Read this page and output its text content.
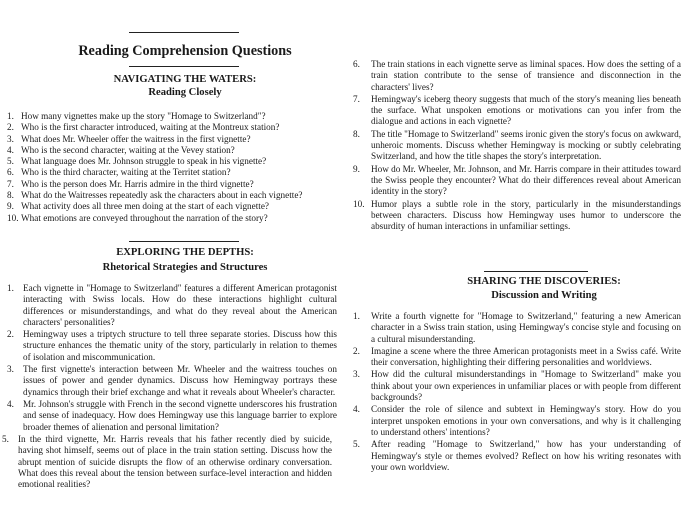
Reading Comprehension Questions
NAVIGATING THE WATERS:
Reading Closely
1. How many vignettes make up the story "Homage to Switzerland"?
2. Who is the first character introduced, waiting at the Montreux station?
3. What does Mr. Wheeler offer the waitress in the first vignette?
4. Who is the second character, waiting at the Vevey station?
5. What language does Mr. Johnson struggle to speak in his vignette?
6. Who is the third character, waiting at the Territet station?
7. Who is the person does Mr. Harris admire in the third vignette?
8. What do the Waitresses repeatedly ask the characters about in each vignette?
9. What activity does all three men doing at the start of each vignette?
10. What emotions are conveyed throughout the narration of the story?
EXPLORING THE DEPTHS:
Rhetorical Strategies and Structures
1. Each vignette in "Homage to Switzerland" features a different American protagonist interacting with Swiss locals. How do these interactions highlight cultural differences or misunderstandings, and what do they reveal about the American characters' personalities?
2. Hemingway uses a triptych structure to tell three separate stories. Discuss how this structure enhances the thematic unity of the story, particularly in relation to themes of isolation and miscommunication.
3. The first vignette's interaction between Mr. Wheeler and the waitress touches on issues of power and gender dynamics. Discuss how Hemingway portrays these dynamics through their brief exchange and what it reveals about Wheeler's character.
4. Mr. Johnson's struggle with French in the second vignette underscores his frustration and sense of inadequacy. How does Hemingway use this language barrier to explore broader themes of alienation and personal limitation?
5. In the third vignette, Mr. Harris reveals that his father recently died by suicide, having shot himself, seems out of place in the train station setting. Discuss how the abrupt mention of suicide disrupts the flow of an otherwise ordinary conversation. What does this reveal about the tension between surface-level interaction and hidden emotional realities?
6. The train stations in each vignette serve as liminal spaces. How does the setting of a train station contribute to the sense of transience and disconnection in the characters' lives?
7. Hemingway's iceberg theory suggests that much of the story's meaning lies beneath the surface. What unspoken emotions or motivations can you infer from the dialogue and actions in each vignette?
8. The title "Homage to Switzerland" seems ironic given the story's focus on awkward, unheroic moments. Discuss whether Hemingway is mocking or subtly celebrating Switzerland, and how the title shapes the story's interpretation.
9. How do Mr. Wheeler, Mr. Johnson, and Mr. Harris compare in their attitudes toward the Swiss people they encounter? What do their differences reveal about American identity in the story?
10. Humor plays a subtle role in the story, particularly in the misunderstandings between characters. Discuss how Hemingway uses humor to underscore the absurdity of human interactions in unfamiliar settings.
SHARING THE DISCOVERIES:
Discussion and Writing
1. Write a fourth vignette for "Homage to Switzerland," featuring a new American character in a Swiss train station, using Hemingway's concise style and focusing on a cultural misunderstanding.
2. Imagine a scene where the three American protagonists meet in a Swiss café. Write their conversation, highlighting their differing personalities and worldviews.
3. How did the cultural misunderstandings in "Homage to Switzerland" make you think about your own experiences in unfamiliar places or with people from different backgrounds?
4. Consider the role of silence and subtext in Hemingway's story. How do you interpret unspoken emotions in your own conversations, and why is it challenging to understand others' intentions?
5. After reading "Homage to Switzerland," how has your understanding of Hemingway's style or themes evolved? Reflect on how his writing resonates with your own worldview.
